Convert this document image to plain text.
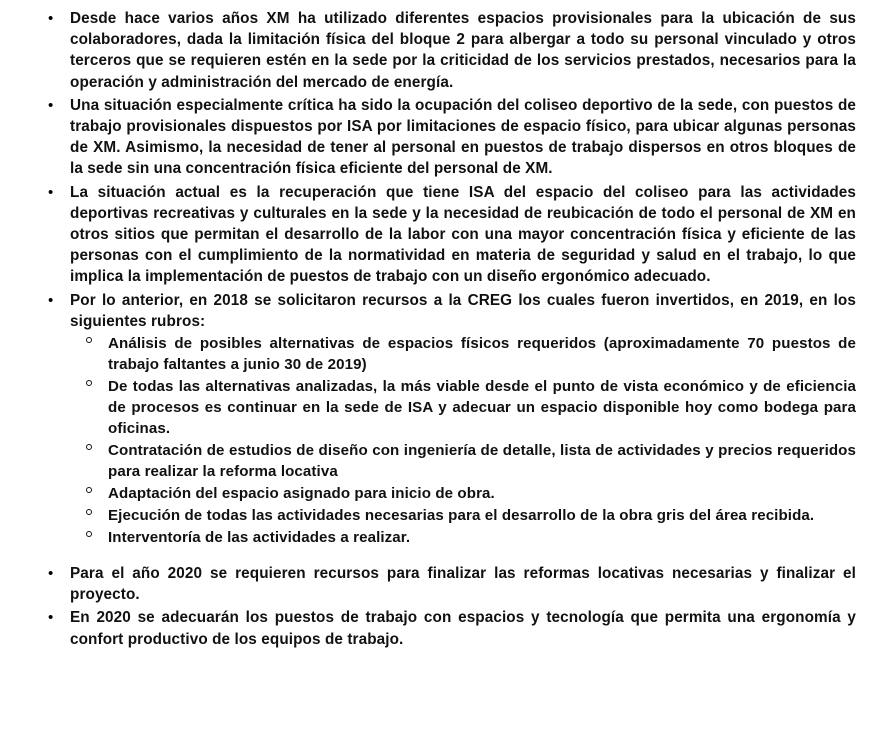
• Desde hace varios años XM ha utilizado diferentes espacios provisionales para la ubicación de sus colaboradores, dada la limitación física del bloque 2 para albergar a todo su personal vinculado y otros terceros que se requieren estén en la sede por la criticidad de los servicios prestados, necesarios para la operación y administración del mercado de energía.

• Una situación especialmente crítica ha sido la ocupación del coliseo deportivo de la sede, con puestos de trabajo provisionales dispuestos por ISA por limitaciones de espacio físico, para ubicar algunas personas de XM. Asimismo, la necesidad de tener al personal en puestos de trabajo dispersos en otros bloques de la sede sin una concentración física eficiente del personal de XM.

• La situación actual es la recuperación que tiene ISA del espacio del coliseo para las actividades deportivas recreativas y culturales en la sede y la necesidad de reubicación de todo el personal de XM en otros sitios que permitan el desarrollo de la labor con una mayor concentración física y eficiente de las personas con el cumplimiento de la normatividad en materia de seguridad y salud en el trabajo, lo que implica la implementación de puestos de trabajo con un diseño ergonómico adecuado.

• Por lo anterior, en 2018 se solicitaron recursos a la CREG los cuales fueron invertidos, en 2019, en los siguientes rubros:

Análisis de posibles alternativas de espacios físicos requeridos (aproximadamente 70 puestos de trabajo faltantes a junio 30 de 2019)

De todas las alternativas analizadas, la más viable desde el punto de vista económico y de eficiencia de procesos es continuar en la sede de ISA y adecuar un espacio disponible hoy como bodega para oficinas.

Contratación de estudios de diseño con ingeniería de detalle, lista de actividades y precios requeridos para realizar la reforma locativa

Adaptación del espacio asignado para inicio de obra.

Ejecución de todas las actividades necesarias para el desarrollo de la obra gris del área recibida.

Interventoría de las actividades a realizar.

• Para el año 2020 se requieren recursos para finalizar las reformas locativas necesarias y finalizar el proyecto.

• En 2020 se adecuarán los puestos de trabajo con espacios y tecnología que permita una ergonomía y confort productivo de los equipos de trabajo.
